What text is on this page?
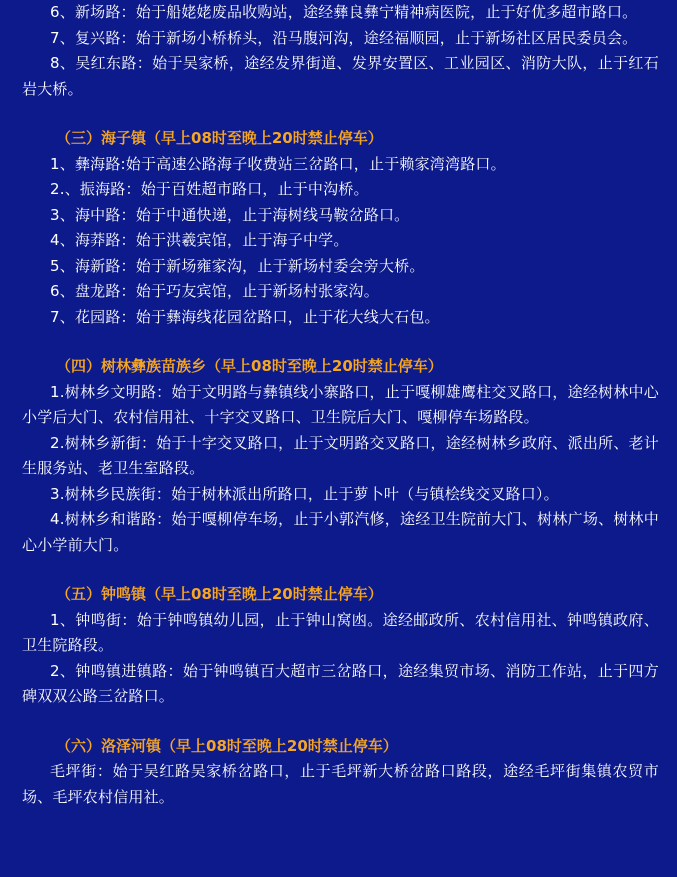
6、新场路：始于船姥姥废品收购站，途经彝良彝宁精神病医院，止于好优多超市路口。

7、复兴路：始于新场小桥桥头，沿马腹河沟，途经福顺园，止于新场社区居民委员会。

8、吴红东路：始于吴家桥，途经发界街道、发界安置区、工业园区、消防大队，止于红石岩大桥。

（三）海子镇（早上08时至晚上20时禁止停车）

1、彝海路:始于高速公路海子收费站三岔路口，止于赖家湾湾路口。

2.、振海路：始于百姓超市路口，止于中沟桥。

3、海中路：始于中通快递，止于海树线马鞍岔路口。

4、海莽路：始于洪羲宾馆，止于海子中学。

5、海新路：始于新场雍家沟，止于新场村委会旁大桥。

6、盘龙路：始于巧友宾馆，止于新场村张家沟。

7、花园路：始于彝海线花园岔路口，止于花大线大石包。

（四）树林彝族苗族乡（早上08时至晚上20时禁止停车）

1.树林乡文明路：始于文明路与彝镇线小寨路口，止于嘎柳雄鹰柱交叉路口，途经树林中心小学后大门、农村信用社、十字交叉路口、卫生院后大门、嘎柳停车场路段。

2.树林乡新街：始于十字交叉路口，止于文明路交叉路口，途经树林乡政府、派出所、老计生服务站、老卫生室路段。

3.树林乡民族街：始于树林派出所路口，止于萝卜叶（与镇桧线交叉路口）。

4.树林乡和谐路：始于嘎柳停车场，止于小郭汽修，途经卫生院前大门、树林广场、树林中心小学前大门。

（五）钟鸣镇（早上08时至晚上20时禁止停车）

1、钟鸣街：始于钟鸣镇幼儿园，止于钟山窝凼。途经邮政所、农村信用社、钟鸣镇政府、卫生院路段。

2、钟鸣镇进镇路：始于钟鸣镇百大超市三岔路口，途经集贸市场、消防工作站，止于四方碑双双公路三岔路口。

（六）洛泽河镇（早上08时至晚上20时禁止停车）

毛坪街：始于吴红路吴家桥岔路口，止于毛坪新大桥岔路口路段，途经毛坪街集镇农贸市场、毛坪农村信用社。
